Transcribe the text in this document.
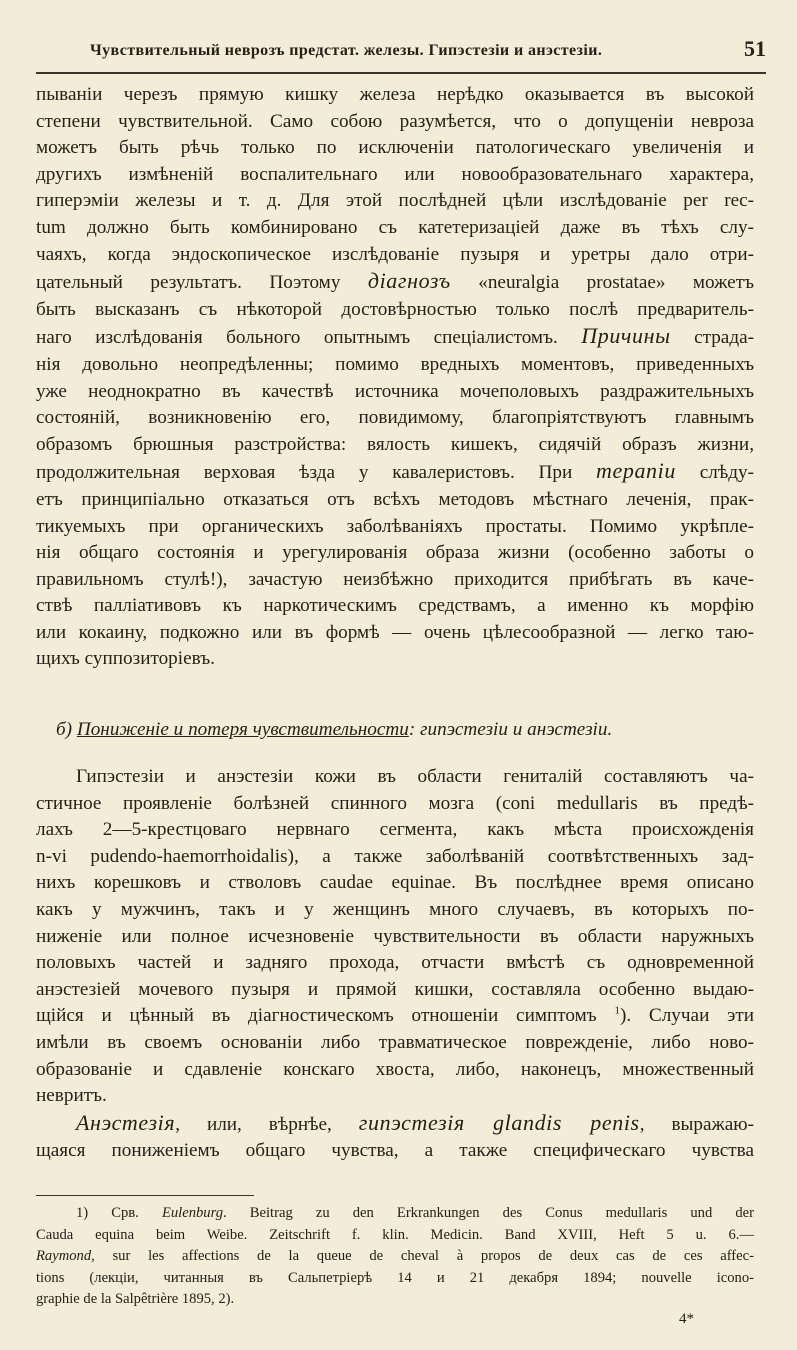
Чувствительный неврозъ предстат. железы. Гипэстезiи и анэстезiи.	51
пыванiи черезъ прямую кишку железа нерѣдко оказывается въ высокой
степени чувствительной. Само собою разумѣется, что о допущенiи невроза
можетъ быть рѣчь только по исключенiи патологическаго увеличенiя и
другихъ измѣненiй воспалительнаго или новообразовательнаго характера,
гиперэмiи железы и т. д. Для этой послѣдней цѣли изслѣдованiе per rec-
tum должно быть комбинировано съ катетеризацiей даже въ тѣхъ слу-
чаяхъ, когда эндоскопическое изслѣдованiе пузыря и уретры дало отри-
цательный результатъ. Поэтому дiагнозъ «neuralgia prostatae» можетъ
быть высказанъ съ нѣкоторой достовѣрностью только послѣ предваритель-
наго изслѣдованiя больного опытнымъ спецiалистомъ. Причины страда-
нiя довольно неопредѣленны; помимо вредныхъ моментовъ, приведенныхъ
уже неоднократно въ качествѣ источника мочеполовыхъ раздражительныхъ
состоянiй, возникновенiю его, повидимому, благопрiятствуютъ главнымъ
образомъ брюшныя разстройства: вялость кишекъ, сидячiй образъ жизни,
продолжительная верховая ѣзда у кавалеристовъ. При терапiи слѣду-
етъ принципiально отказаться отъ всѣхъ методовъ мѣстнаго леченiя, прак-
тикуемыхъ при органическихъ заболѣванiяхъ простаты. Помимо укрѣпле-
нiя общаго состоянiя и урегулированiя образа жизни (особенно заботы о
правильномъ стулѣ!), зачастую неизбѣжно приходится прибѣгать въ каче-
ствѣ паллiативовъ къ наркотическимъ средствамъ, а именно къ морфiю
или кокаину, подкожно или въ формѣ — очень цѣлесообразной — легко таю-
щихъ суппозиторiевъ.
б) Пониженiе и потеря чувствительности: гипэстезiи и анэстезiи.
Гипэстезiи и анэстезiи кожи въ области гениталiй составляютъ ча-
стичное проявленiе болѣзней спинного мозга (coni medullaris въ предѣ-
лахъ 2—5-крестцоваго нервнаго сегмента, какъ мѣста происхожденiя
n-vi pudendo-haemorrhoidalis), а также заболѣванiй соотвѣтственныхъ зад-
нихъ корешковъ и стволовъ caudae equinae. Въ послѣднее время описано
какъ у мужчинъ, такъ и у женщинъ много случаевъ, въ которыхъ по-
ниженiе или полное исчезновенiе чувствительности въ области наружныхъ
половыхъ частей и задняго прохода, отчасти вмѣстѣ съ одновременной
анэстезiей мочевого пузыря и прямой кишки, составляла особенно выдаю-
щiйся и цѣнный въ дiагностическомъ отношенiи симптомъ $^1$). Случаи эти
имѣли въ своемъ основанiи либо травматическое поврежденiе, либо ново-
образованiе и сдавленiе конскаго хвоста, либо, наконецъ, множественный
невритъ.
Анэстезiя, или, вѣрнѣе, гипэстезiя glandis penis, выражаю-
щаяся пониженiемъ общаго чувства, а также специфическаго чувства
1) Срв. Eulenburg. Beitrag zu den Erkrankungen des Conus medullaris und der
Cauda equina beim Weibe. Zeitschrift f. klin. Medicin. Band XVIII, Heft 5 u. 6.—
Raymond, sur les affections de la queue de cheval à propos de deux cas de ces affec-
tions (лекцiи, читанныя въ Сальпетрiерѣ 14 и 21 декабря 1894; nouvelle icono-
graphie de la Salpêtrière 1895, 2).
4*
